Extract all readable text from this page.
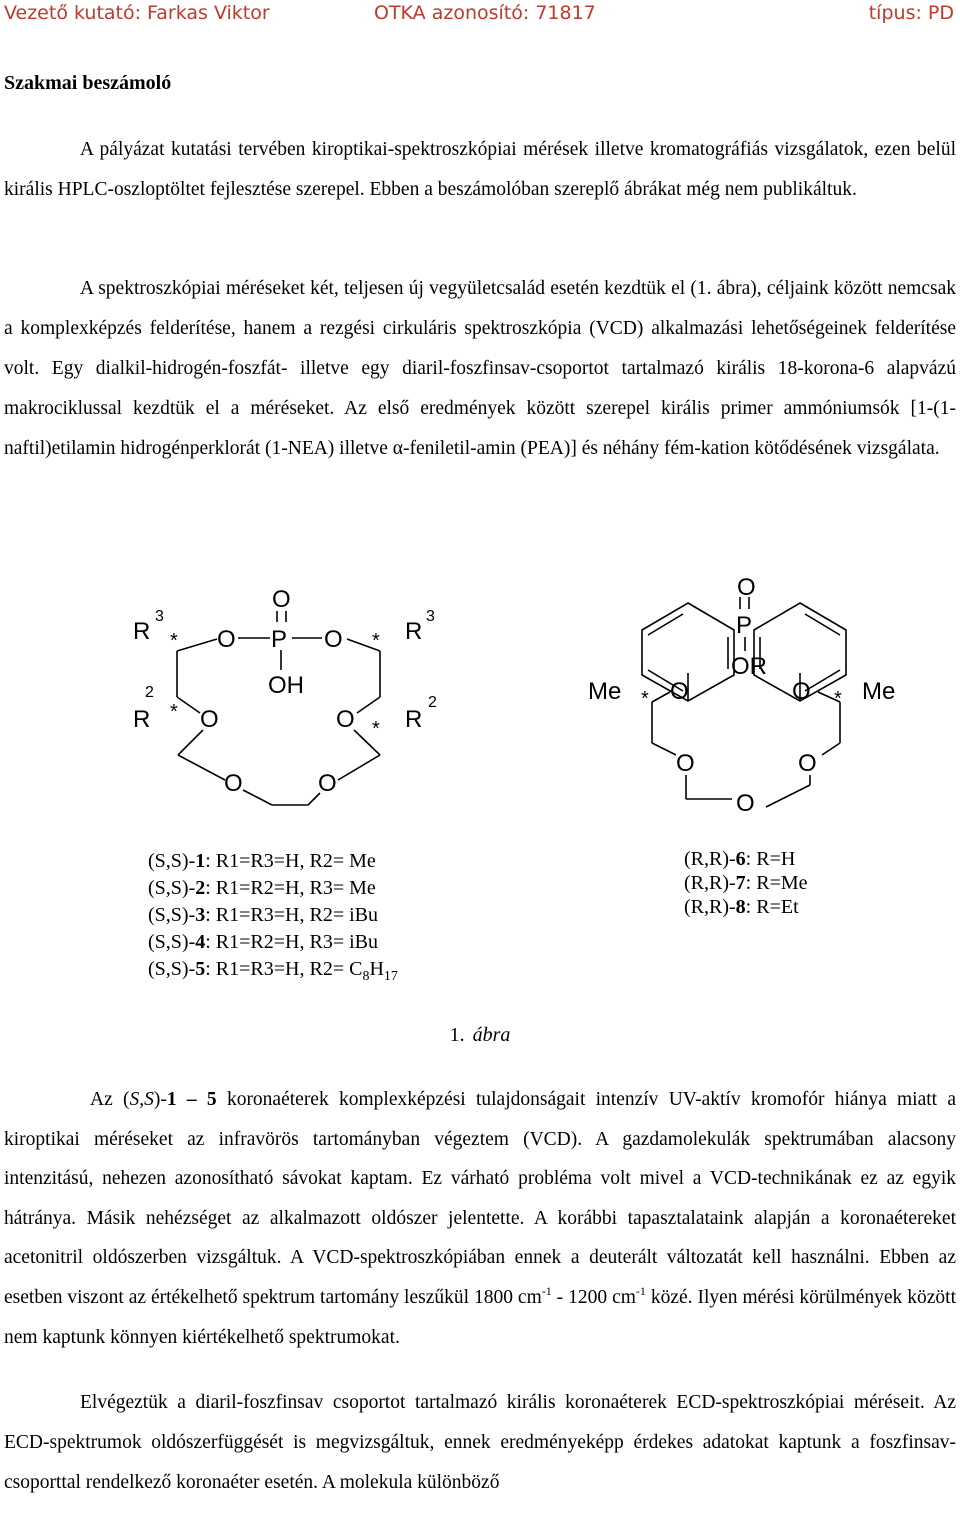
Vezető kutató: Farkas Viktor	OTKA azonosító: 71817	típus: PD
Szakmai beszámoló
A pályázat kutatási tervében kiroptikai-spektroszkópiai mérések illetve kromatográfiás vizsgálatok, ezen belül királis HPLC-oszloptöltet fejlesztése szerepel. Ebben a beszámolóban szereplő ábrákat még nem publikáltuk.
A spektroszkópiai méréseket két, teljesen új vegyületcsalád esetén kezdtük el (1. ábra), céljaink között nemcsak a komplexképzés felderítése, hanem a rezgési cirkuláris spektroszkópia (VCD) alkalmazási lehetőségeinek felderítése volt. Egy dialkil-hidrogén-foszfát- illetve egy diaril-foszfinsav-csoportot tartalmazó királis 18-korona-6 alapvázú makrociklussal kezdtük el a méréseket. Az első eredmények között szerepel királis primer ammóniumsók [1-(1-naftil)etilamin hidrogénperklorát (1-NEA) illetve α-feniletil-amin (PEA)] és néhány fém-kation kötődésének vizsgálata.
O
P
O	O
OH
R
3
*
R
2
* O
R
3
*
R
2
*
O
O	O
O
P
OR
Me * O	O * Me
O	O
O
(S,S)-1: R1=R3=H, R2= Me
(S,S)-2: R1=R2=H, R3= Me
(S,S)-3: R1=R3=H, R2= iBu
(S,S)-4: R1=R2=H, R3= iBu
(S,S)-5: R1=R3=H, $R2= C_8H_{17}$
(R,R)-6: R=H
(R,R)-7: R=Me
(R,R)-8: R=Et
1. ábra
Az (S,S)-1 – 5 koronaéterek komplexképzési tulajdonságait intenzív UV-aktív kromofór hiánya miatt a kiroptikai méréseket az infravörös tartományban végeztem (VCD). A gazdamolekulák spektrumában alacsony intenzitású, nehezen azonosítható sávokat kaptam. Ez várható probléma volt mivel a VCD-technikának ez az egyik hátránya. Másik nehézséget az alkalmazott oldószer jelentette. A korábbi tapasztalataink alapján a koronaétereket acetonitril oldószerben vizsgáltuk. A VCD-spektroszkópiában ennek a deuterált változatát kell használni. Ebben az esetben viszont az értékelhető spektrum tartomány leszűkül 1800 $cm^{-1} - 1200$ $cm^{-1}$ közé. Ilyen mérési körülmények között nem kaptunk könnyen kiértékelhető spektrumokat.
Elvégeztük a diaril-foszfinsav csoportot tartalmazó királis koronaéterek ECD-spektroszkópiai méréseit. Az ECD-spektrumok oldószerfüggését is megvizsgáltuk, ennek eredményeképp érdekes adatokat kaptunk a foszfinsav-csoporttal rendelkező koronaéter esetén. A molekula különböző
